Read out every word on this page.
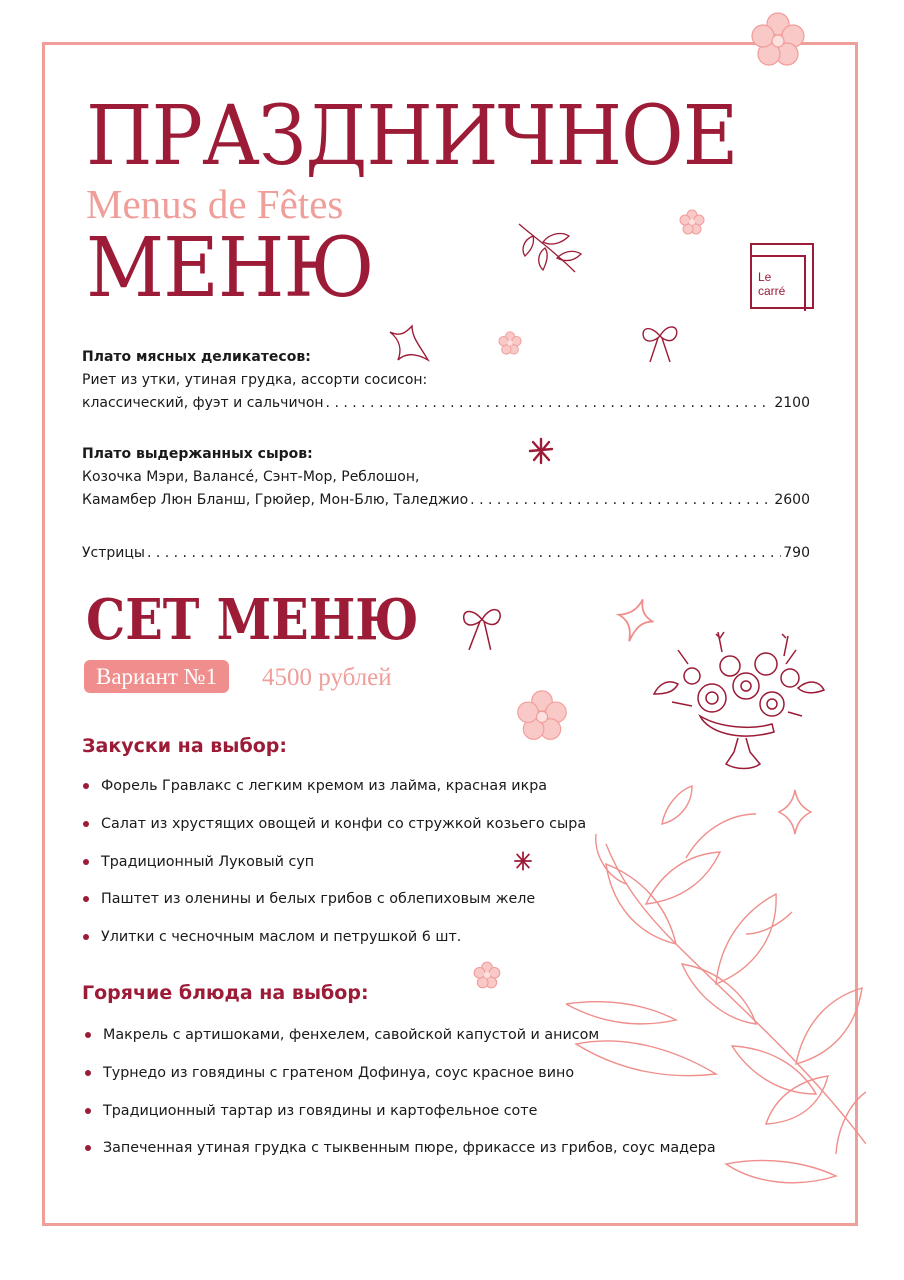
ПРАЗДНИЧНОЕ

Menus de Fêtes

МЕНЮ	Le
carré
Плато мясных деликатесов:
Риет из утки, утиная грудка, ассорти сосисон:
классический, фуэт и сальчичон . . .	2100
Плато выдержанных сыров:
Козочка Мэри, Валансé, Сэнт-Мор, Реблошон,
Камамбер Люн Бланш, Грюйер, Мон-Блю, Таледжио . . .	2600
Устрицы . . .	790
СЕТ МЕНЮ
Вариант №1	4500 рублей
Закуски на выбор:
Форель Гравлакс с легким кремом из лайма, красная икра
Салат из хрустящих овощей и конфи со стружкой козьего сыра
Традиционный Луковый суп
Паштет из оленины и белых грибов с облепиховым желе
Улитки с чесночным маслом и петрушкой 6 шт.
Горячие блюда на выбор:
Макрель с артишоками, фенхелем, савойской капустой и анисом
Турнедо из говядины с гратеном Дофинуа, соус красное вино
Традиционный тартар из говядины и картофельное соте
Запеченная утиная грудка с тыквенным пюре, фрикассе из грибов, соус мадера
